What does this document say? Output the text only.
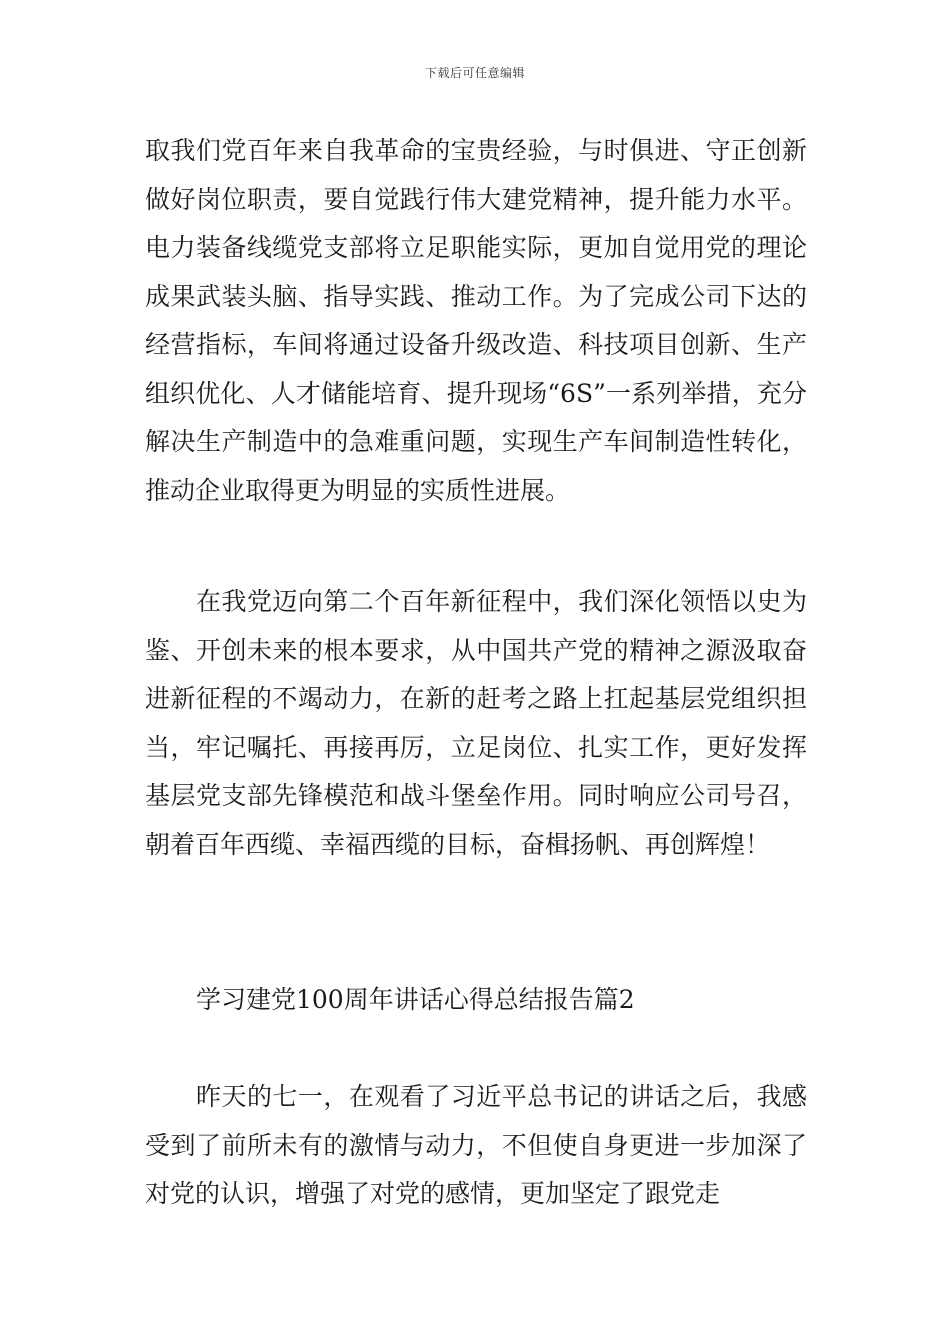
下载后可任意编辑

取我们党百年来自我革命的宝贵经验，与时俱进、守正创新做好岗位职责，要自觉践行伟大建党精神，提升能力水平。电力装备线缆党支部将立足职能实际，更加自觉用党的理论成果武装头脑、指导实践、推动工作。为了完成公司下达的经营指标，车间将通过设备升级改造、科技项目创新、生产组织优化、人才储能培育、提升现场“6S”一系列举措，充分解决生产制造中的急难重问题，实现生产车间制造性转化，推动企业取得更为明显的实质性进展。

在我党迈向第二个百年新征程中，我们深化领悟以史为鉴、开创未来的根本要求，从中国共产党的精神之源汲取奋进新征程的不竭动力，在新的赶考之路上扛起基层党组织担当，牢记嘱托、再接再厉，立足岗位、扎实工作，更好发挥基层党支部先锋模范和战斗堡垒作用。同时响应公司号召，朝着百年西缆、幸福西缆的目标，奋楫扬帆、再创辉煌！

学习建党100周年讲话心得总结报告篇2

昨天的七一，在观看了习近平总书记的讲话之后，我感受到了前所未有的激情与动力，不但使自身更进一步加深了对党的认识，增强了对党的感情，更加坚定了跟党走
